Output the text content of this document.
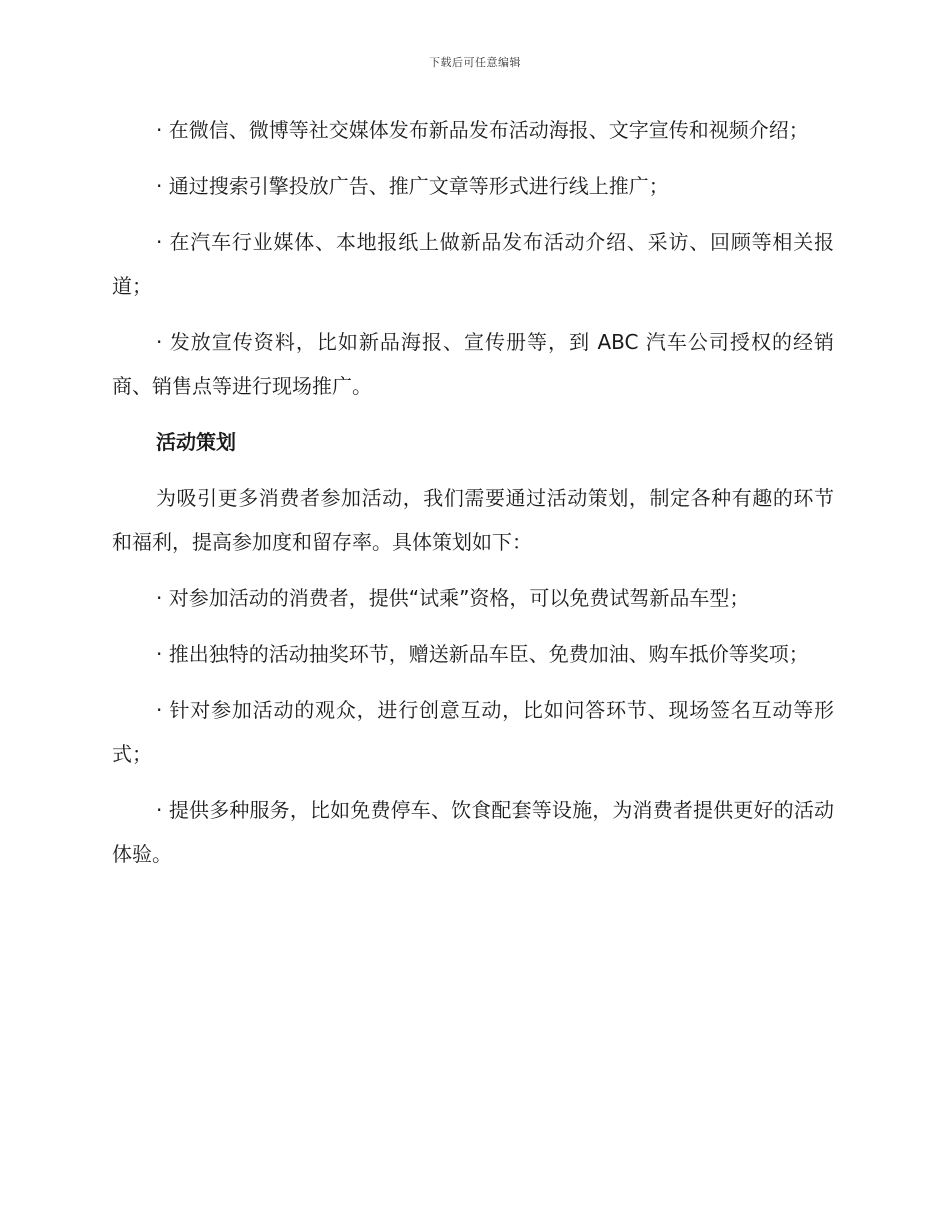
下载后可任意编辑

· 在微信、微博等社交媒体发布新品发布活动海报、文字宣传和视频介绍；

· 通过搜索引擎投放广告、推广文章等形式进行线上推广；

· 在汽车行业媒体、本地报纸上做新品发布活动介绍、采访、回顾等相关报道；

· 发放宣传资料，比如新品海报、宣传册等，到 ABC 汽车公司授权的经销商、销售点等进行现场推广。

活动策划

为吸引更多消费者参加活动，我们需要通过活动策划，制定各种有趣的环节和福利，提高参加度和留存率。具体策划如下：

· 对参加活动的消费者，提供“试乘”资格，可以免费试驾新品车型；

· 推出独特的活动抽奖环节，赠送新品车臣、免费加油、购车抵价等奖项；

· 针对参加活动的观众，进行创意互动，比如问答环节、现场签名互动等形式；

· 提供多种服务，比如免费停车、饮食配套等设施，为消费者提供更好的活动体验。
